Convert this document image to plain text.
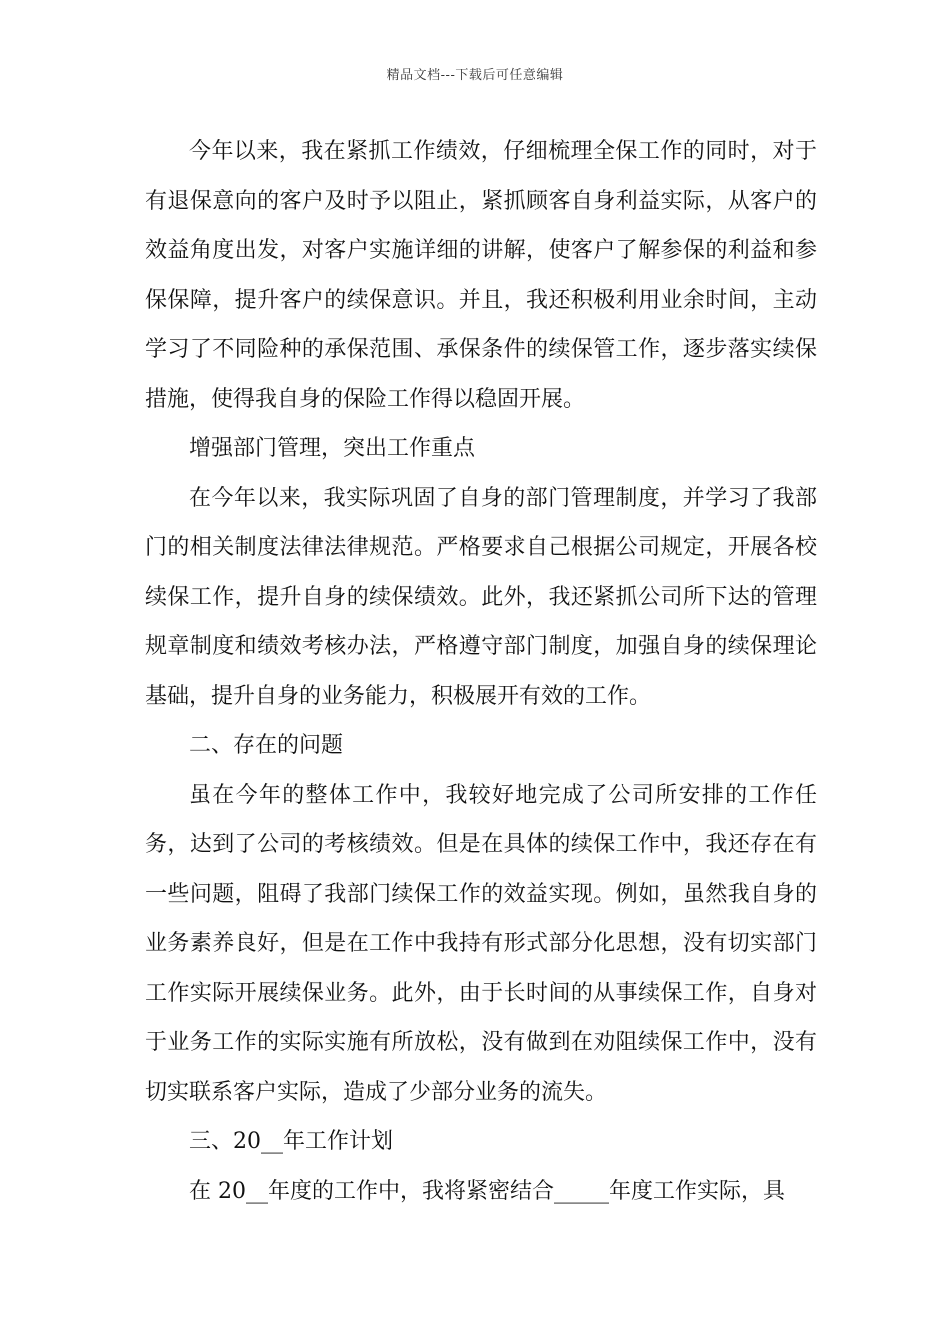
精品文档---下载后可任意编辑

今年以来，我在紧抓工作绩效，仔细梳理全保工作的同时，对于有退保意向的客户及时予以阻止，紧抓顾客自身利益实际，从客户的效益角度出发，对客户实施详细的讲解，使客户了解参保的利益和参保保障，提升客户的续保意识。并且，我还积极利用业余时间，主动学习了不同险种的承保范围、承保条件的续保管工作，逐步落实续保措施，使得我自身的保险工作得以稳固开展。

增强部门管理，突出工作重点

在今年以来，我实际巩固了自身的部门管理制度，并学习了我部门的相关制度法律法律规范。严格要求自己根据公司规定，开展各校续保工作，提升自身的续保绩效。此外，我还紧抓公司所下达的管理规章制度和绩效考核办法，严格遵守部门制度，加强自身的续保理论基础，提升自身的业务能力，积极展开有效的工作。

二、存在的问题

虽在今年的整体工作中，我较好地完成了公司所安排的工作任务，达到了公司的考核绩效。但是在具体的续保工作中，我还存在有一些问题，阻碍了我部门续保工作的效益实现。例如，虽然我自身的业务素养良好，但是在工作中我持有形式部分化思想，没有切实部门工作实际开展续保业务。此外，由于长时间的从事续保工作，自身对于业务工作的实际实施有所放松，没有做到在劝阻续保工作中，没有切实联系客户实际，造成了少部分业务的流失。

三、20__年工作计划

在 20__年度的工作中，我将紧密结合_____年度工作实际，具
